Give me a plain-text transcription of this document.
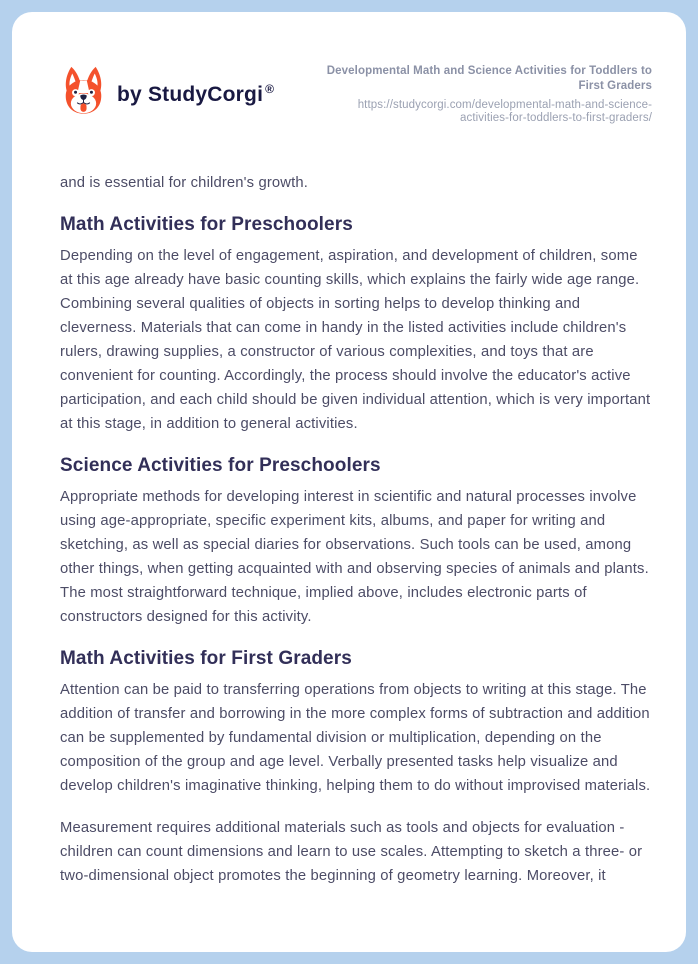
by StudyCorgi ®
Developmental Math and Science Activities for Toddlers to First Graders
https://studycorgi.com/developmental-math-and-science-activities-for-toddlers-to-first-graders/

and is essential for children's growth.

Math Activities for Preschoolers

Depending on the level of engagement, aspiration, and development of children, some at this age already have basic counting skills, which explains the fairly wide age range. Combining several qualities of objects in sorting helps to develop thinking and cleverness. Materials that can come in handy in the listed activities include children's rulers, drawing supplies, a constructor of various complexities, and toys that are convenient for counting. Accordingly, the process should involve the educator's active participation, and each child should be given individual attention, which is very important at this stage, in addition to general activities.

Science Activities for Preschoolers

Appropriate methods for developing interest in scientific and natural processes involve using age-appropriate, specific experiment kits, albums, and paper for writing and sketching, as well as special diaries for observations. Such tools can be used, among other things, when getting acquainted with and observing species of animals and plants. The most straightforward technique, implied above, includes electronic parts of constructors designed for this activity.

Math Activities for First Graders

Attention can be paid to transferring operations from objects to writing at this stage. The addition of transfer and borrowing in the more complex forms of subtraction and addition can be supplemented by fundamental division or multiplication, depending on the composition of the group and age level. Verbally presented tasks help visualize and develop children's imaginative thinking, helping them to do without improvised materials.

Measurement requires additional materials such as tools and objects for evaluation - children can count dimensions and learn to use scales. Attempting to sketch a three- or two-dimensional object promotes the beginning of geometry learning. Moreover, it
